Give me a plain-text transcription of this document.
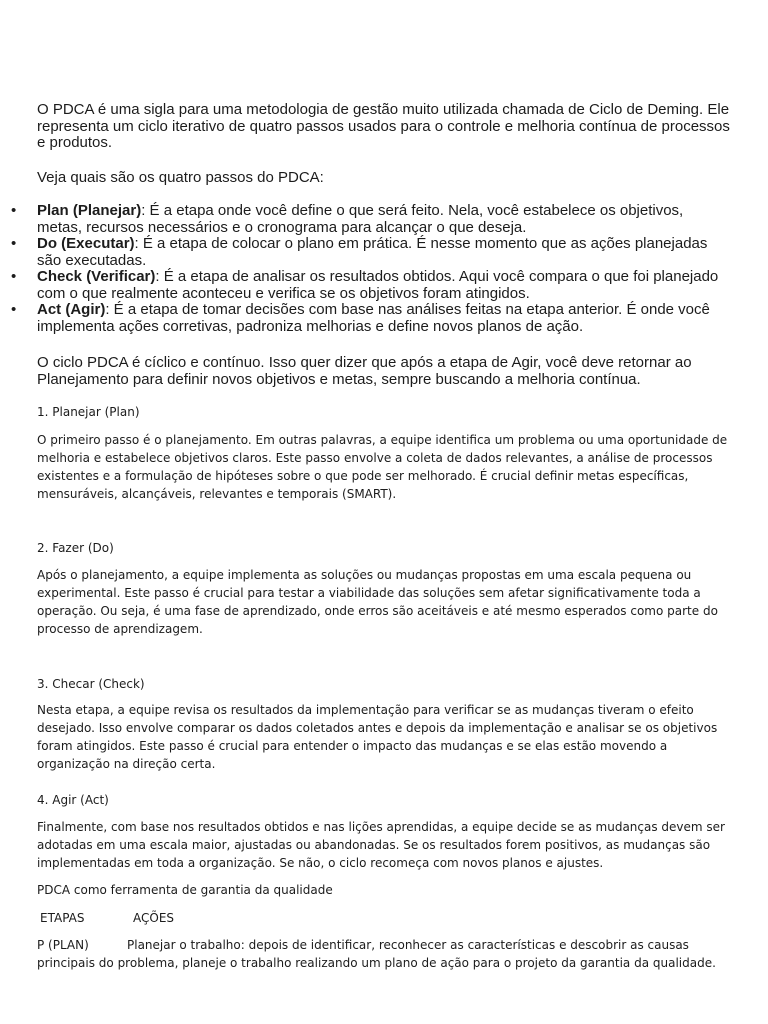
O PDCA é uma sigla para uma metodologia de gestão muito utilizada chamada de Ciclo de Deming. Ele representa um ciclo iterativo de quatro passos usados para o controle e melhoria contínua de processos e produtos.

Veja quais são os quatro passos do PDCA:

• Plan (Planejar): É a etapa onde você define o que será feito. Nela, você estabelece os objetivos, metas, recursos necessários e o cronograma para alcançar o que deseja.
• Do (Executar): É a etapa de colocar o plano em prática. É nesse momento que as ações planejadas são executadas.
• Check (Verificar): É a etapa de analisar os resultados obtidos. Aqui você compara o que foi planejado com o que realmente aconteceu e verifica se os objetivos foram atingidos.
• Act (Agir): É a etapa de tomar decisões com base nas análises feitas na etapa anterior. É onde você implementa ações corretivas, padroniza melhorias e define novos planos de ação.

O ciclo PDCA é cíclico e contínuo. Isso quer dizer que após a etapa de Agir, você deve retornar ao Planejamento para definir novos objetivos e metas, sempre buscando a melhoria contínua.

1. Planejar (Plan)

O primeiro passo é o planejamento. Em outras palavras, a equipe identifica um problema ou uma oportunidade de melhoria e estabelece objetivos claros. Este passo envolve a coleta de dados relevantes, a análise de processos existentes e a formulação de hipóteses sobre o que pode ser melhorado. É crucial definir metas específicas, mensuráveis, alcançáveis, relevantes e temporais (SMART).

2. Fazer (Do)

Após o planejamento, a equipe implementa as soluções ou mudanças propostas em uma escala pequena ou experimental. Este passo é crucial para testar a viabilidade das soluções sem afetar significativamente toda a operação. Ou seja, é uma fase de aprendizado, onde erros são aceitáveis e até mesmo esperados como parte do processo de aprendizagem.

3. Checar (Check)

Nesta etapa, a equipe revisa os resultados da implementação para verificar se as mudanças tiveram o efeito desejado. Isso envolve comparar os dados coletados antes e depois da implementação e analisar se os objetivos foram atingidos. Este passo é crucial para entender o impacto das mudanças e se elas estão movendo a organização na direção certa.

4. Agir (Act)

Finalmente, com base nos resultados obtidos e nas lições aprendidas, a equipe decide se as mudanças devem ser adotadas em uma escala maior, ajustadas ou abandonadas. Se os resultados forem positivos, as mudanças são implementadas em toda a organização. Se não, o ciclo recomeça com novos planos e ajustes.

PDCA como ferramenta de garantia da qualidade

ETAPAS	AÇÕES

P (PLAN)	Planejar o trabalho: depois de identificar, reconhecer as características e descobrir as causas principais do problema, planeje o trabalho realizando um plano de ação para o projeto da garantia da qualidade.
